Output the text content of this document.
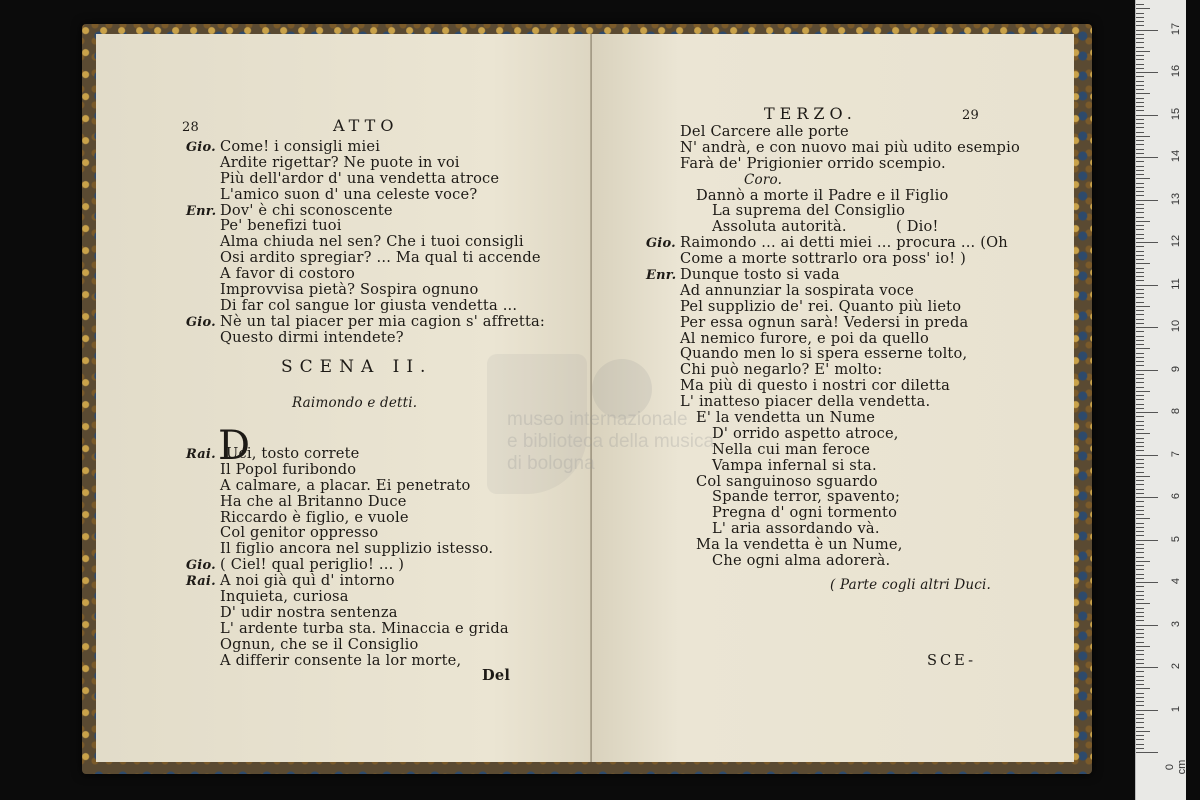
28	ATTO
Gio. Come! i consigli miei
Ardite rigettar? Ne puote in voi
Più dell'ardor d' una vendetta atroce
L'amico suon d' una celeste voce?
Enr. Dov' è chi sconoscente
Pe' benefizi tuoi
Alma chiuda nel sen? Che i tuoi consigli
Osi ardito spregiar? ... Ma qual ti accende
A favor di costoro
Improvvisa pietà? Sospira ognuno
Di far col sangue lor giusta vendetta ...
Gio. Nè un tal piacer per mia cagion s' affretta:
Questo dirmi intendete?
SCENA II.
Raimondo e detti.
D
Rai. Uci, tosto correte
Il Popol furibondo
A calmare, a placar. Ei penetrato
Ha che al Britanno Duce
Riccardo è figlio, e vuole
Col genitor oppresso
Il figlio ancora nel supplizio istesso.
Gio. ( Ciel! qual periglio! ... )
Rai. A noi già quì d' intorno
Inquieta, curiosa
D' udir nostra sentenza
L' ardente turba sta. Minaccia e grida
Ognun, che se il Consiglio
A differir consente la lor morte,
Del
TERZO.	29
Del Carcere alle porte
N' andrà, e con nuovo mai più udito esempio
Farà de' Prigionier orrido scempio.
Coro.
Dannò a morte il Padre e il Figlio
La suprema del Consiglio
Assoluta autorità.	( Dio!
Gio. Raimondo ... ai detti miei ... procura ... (Oh
Come a morte sottrarlo ora poss' io! )
Enr. Dunque tosto si vada
Ad annunziar la sospirata voce
Pel supplizio de' rei. Quanto più lieto
Per essa ognun sarà! Vedersi in preda
Al nemico furore, e poi da quello
Quando men lo si spera esserne tolto,
Chi può negarlo? E' molto:
Ma più di questo i nostri cor diletta
L' inatteso piacer della vendetta.
E' la vendetta un Nume
D' orrido aspetto atroce,
Nella cui man feroce
Vampa infernal si sta.
Col sanguinoso sguardo
Spande terror, spavento;
Pregna d' ogni tormento
L' aria assordando và.
Ma la vendetta è un Nume,
Che ogni alma adorerà.
( Parte cogli altri Duci.
SCE-
museo internazionale
e biblioteca della musica
di bologna
0 cm
1
2
3
4
5
6
7
8
9
10
11
12
13
14
15
16
17
